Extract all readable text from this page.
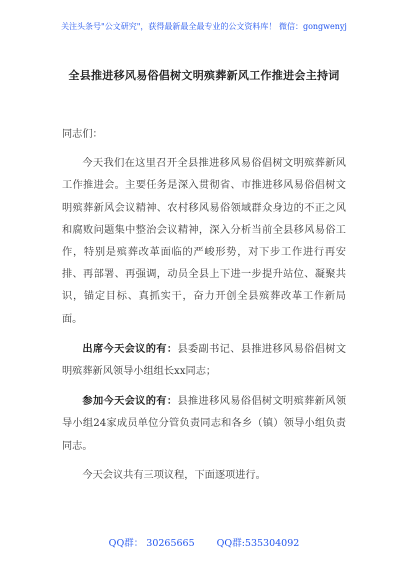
关注头条号"公文研究"，获得最新最全最专业的公文资料库！ 微信：gongwenyj
全县推进移风易俗倡树文明殡葬新风工作推进会主持词

同志们：

今天我们在这里召开全县推进移风易俗倡树文明殡葬新风工作推进会。主要任务是深入贯彻省、市推进移风易俗倡树文明殡葬新风会议精神、农村移风易俗领域群众身边的不正之风和腐败问题集中整治会议精神，深入分析当前全县移风易俗工作，特别是殡葬改革面临的严峻形势，对下步工作进行再安排、再部署、再强调，动员全县上下进一步提升站位、凝聚共识，锚定目标、真抓实干，奋力开创全县殡葬改革工作新局面。

出席今天会议的有：县委副书记、县推进移风易俗倡树文明殡葬新风领导小组组长xx同志；

参加今天会议的有：县推进移风易俗倡树文明殡葬新风领导小组24家成员单位分管负责同志和各乡（镇）领导小组负责同志。

今天会议共有三项议程，下面逐项进行。

QQ群： 30265665 QQ群:535304092
